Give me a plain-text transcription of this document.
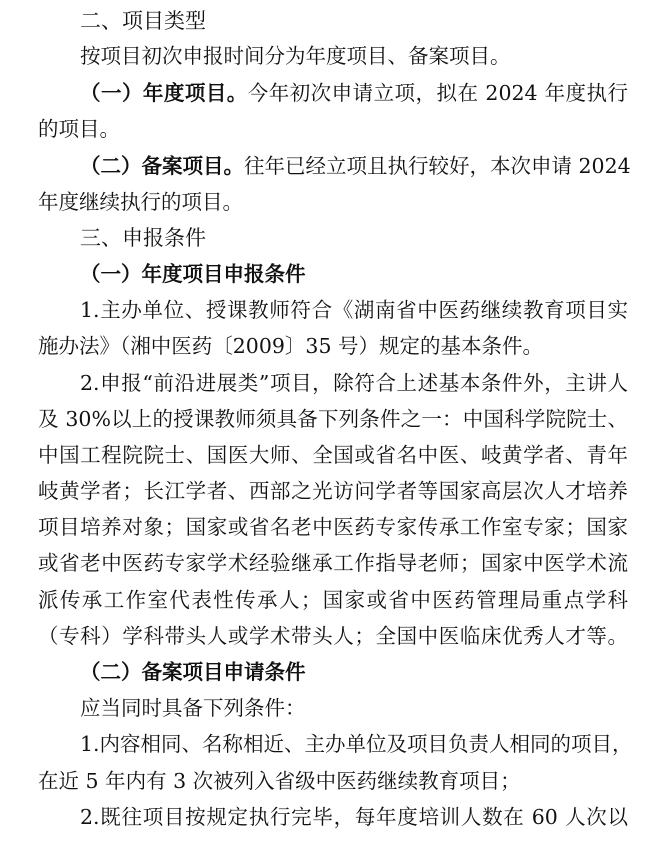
二、项目类型
按项目初次申报时间分为年度项目、备案项目。
（一）年度项目。今年初次申请立项，拟在 2024 年度执行
的项目。
（二）备案项目。往年已经立项且执行较好，本次申请 2024
年度继续执行的项目。
三、申报条件
（一）年度项目申报条件
1.主办单位、授课教师符合《湖南省中医药继续教育项目实
施办法》（湘中医药〔2009〕35 号）规定的基本条件。
2.申报“前沿进展类”项目，除符合上述基本条件外，主讲人
及 30%以上的授课教师须具备下列条件之一：中国科学院院士、
中国工程院院士、国医大师、全国或省名中医、岐黄学者、青年
岐黄学者；长江学者、西部之光访问学者等国家高层次人才培养
项目培养对象；国家或省名老中医药专家传承工作室专家；国家
或省老中医药专家学术经验继承工作指导老师；国家中医学术流
派传承工作室代表性传承人；国家或省中医药管理局重点学科
（专科）学科带头人或学术带头人；全国中医临床优秀人才等。
（二）备案项目申请条件
应当同时具备下列条件：
1.内容相同、名称相近、主办单位及项目负责人相同的项目，
在近 5 年内有 3 次被列入省级中医药继续教育项目；
2.既往项目按规定执行完毕，每年度培训人数在 60 人次以
